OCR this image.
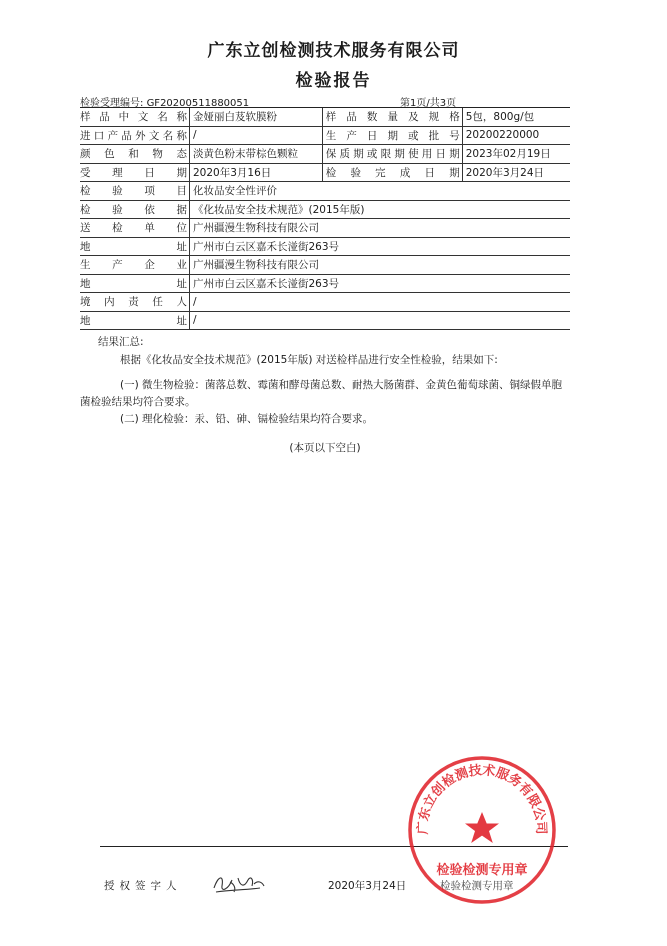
广东立创检测技术服务有限公司
检验报告
检验受理编号: GF20200511880051	第1页/共3页
样品中文名称	金娅丽白芨软膜粉	样品数量及规格	5包，800g/包
进口产品外文名称	/	生产日期或批号	20200220000
颜色和物态	淡黄色粉末带棕色颗粒	保质期或限期使用日期	2023年02月19日
受理日期	2020年3月16日	检验完成日期	2020年3月24日
检验项目	化妆品安全性评价		
检验依据	《化妆品安全技术规范》(2015年版)		
送检单位	广州疆漫生物科技有限公司		
地址	广州市白云区嘉禾长湴街263号		
生产企业	广州疆漫生物科技有限公司		
地址	广州市白云区嘉禾长湴街263号		
境内责任人	/		
地址	/		
结果汇总:
根据《化妆品安全技术规范》(2015年版) 对送检样品进行安全性检验，结果如下:
(一) 微生物检验：菌落总数、霉菌和酵母菌总数、耐热大肠菌群、金黄色葡萄球菌、铜绿假单胞菌检验结果均符合要求。
(二) 理化检验：汞、铅、砷、镉检验结果均符合要求。
(本页以下空白)
授权签字人	2020年3月24日	检验检测专用章
广东立创检测技术服务有限公司
检验检测专用章
